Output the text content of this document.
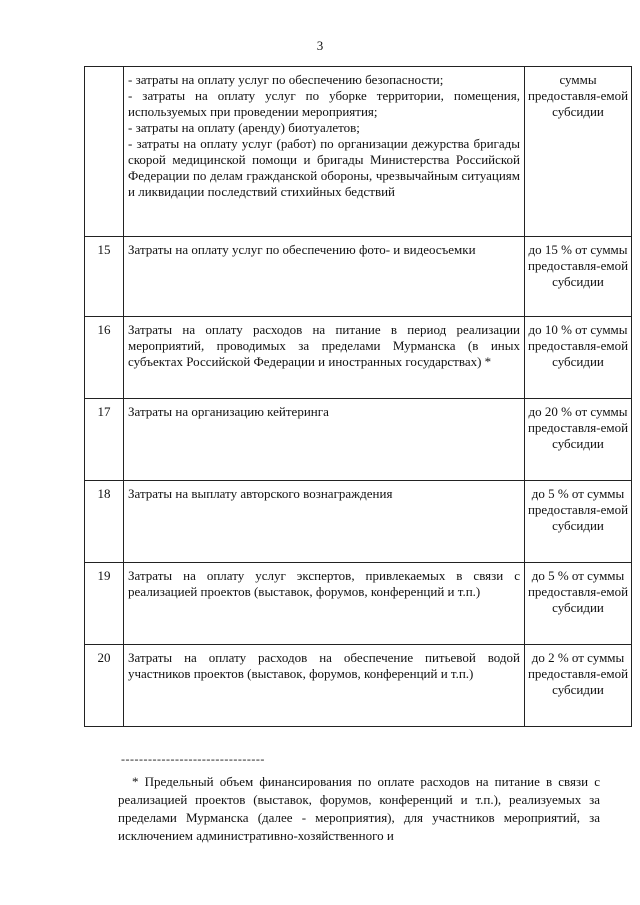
3

	- затраты на оплату услуг по обеспечению безопасности;
- затраты на оплату услуг по уборке территории, помещения, используемых при проведении мероприятия;
- затраты на оплату (аренду) биотуалетов;
- затраты на оплату услуг (работ) по организации дежурства бригады скорой медицинской помощи и бригады Министерства Российской Федерации по делам гражданской обороны, чрезвычайным ситуациям и ликвидации последствий стихийных бедствий	суммы предоставля-емой субсидии
15	Затраты на оплату услуг по обеспечению фото- и видеосъемки	до 15 % от суммы предоставля-емой субсидии
16	Затраты на оплату расходов на питание в период реализации мероприятий, проводимых за пределами Мурманска (в иных субъектах Российской Федерации и иностранных государствах) *	до 10 % от суммы предоставля-емой субсидии
17	Затраты на организацию кейтеринга	до 20 % от суммы предоставля-емой субсидии
18	Затраты на выплату авторского вознаграждения	до 5 % от суммы предоставля-емой субсидии
19	Затраты на оплату услуг экспертов, привлекаемых в связи с реализацией проектов (выставок, форумов, конференций и т.п.)	до 5 % от суммы предоставля-емой субсидии
20	Затраты на оплату расходов на обеспечение питьевой водой участников проектов (выставок, форумов, конференций и т.п.)	до 2 % от суммы предоставля-емой субсидии
--------------------------------
* Предельный объем финансирования по оплате расходов на питание в связи с реализацией проектов (выставок, форумов, конференций и т.п.), реализуемых за пределами Мурманска (далее - мероприятия), для участников мероприятий, за исключением административно-хозяйственного и
